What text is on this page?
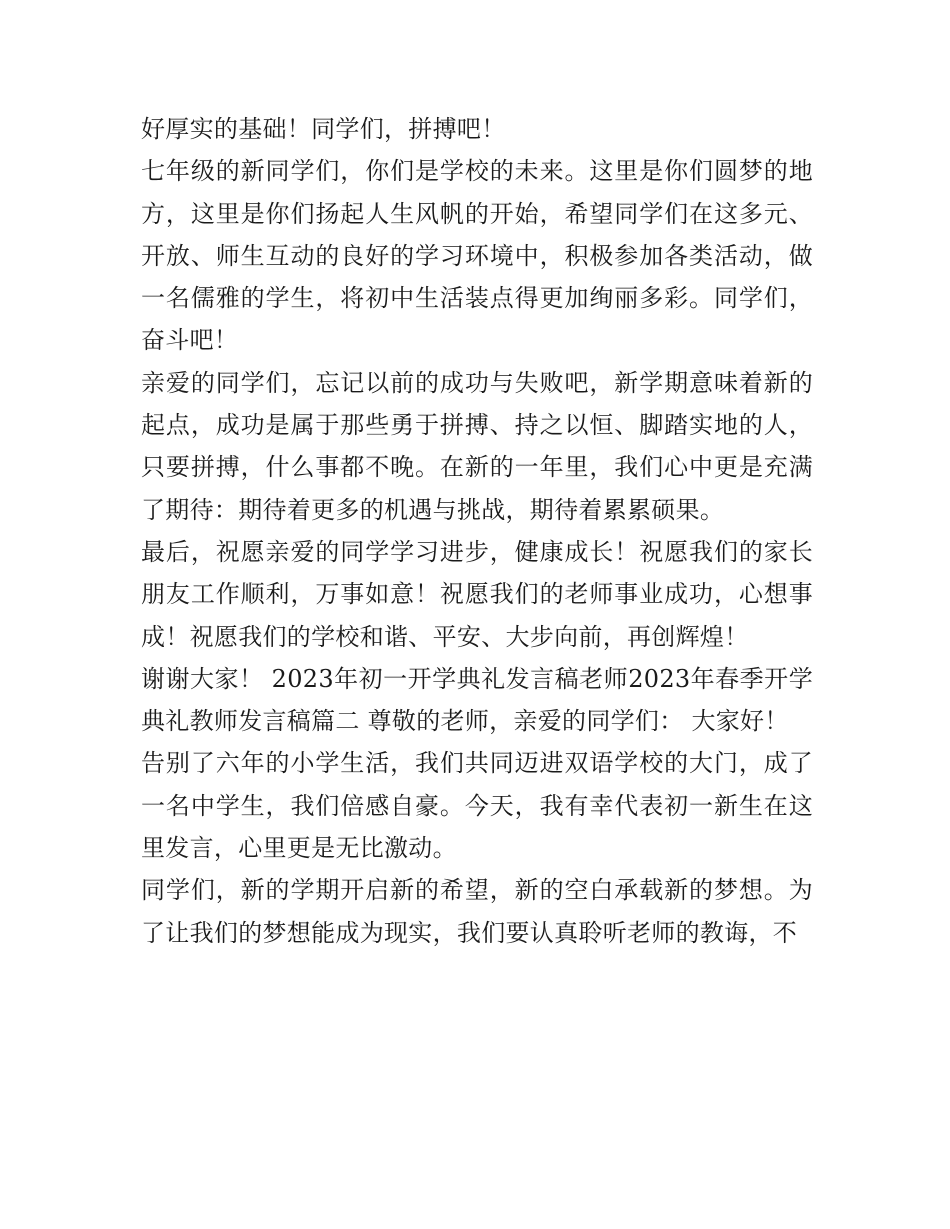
好厚实的基础！同学们，拼搏吧！

七年级的新同学们，你们是学校的未来。这里是你们圆梦的地方，这里是你们扬起人生风帆的开始，希望同学们在这多元、开放、师生互动的良好的学习环境中，积极参加各类活动，做一名儒雅的学生，将初中生活装点得更加绚丽多彩。同学们，奋斗吧！

亲爱的同学们，忘记以前的成功与失败吧，新学期意味着新的起点，成功是属于那些勇于拼搏、持之以恒、脚踏实地的人，只要拼搏，什么事都不晚。在新的一年里，我们心中更是充满了期待：期待着更多的机遇与挑战，期待着累累硕果。

最后，祝愿亲爱的同学学习进步，健康成长！祝愿我们的家长朋友工作顺利，万事如意！祝愿我们的老师事业成功，心想事成！祝愿我们的学校和谐、平安、大步向前，再创辉煌！

谢谢大家！ 2023年初一开学典礼发言稿老师2023年春季开学典礼教师发言稿篇二 尊敬的老师，亲爱的同学们： 大家好！

告别了六年的小学生活，我们共同迈进双语学校的大门，成了一名中学生，我们倍感自豪。今天，我有幸代表初一新生在这里发言，心里更是无比激动。

同学们，新的学期开启新的希望，新的空白承载新的梦想。为了让我们的梦想能成为现实，我们要认真聆听老师的教诲，不
